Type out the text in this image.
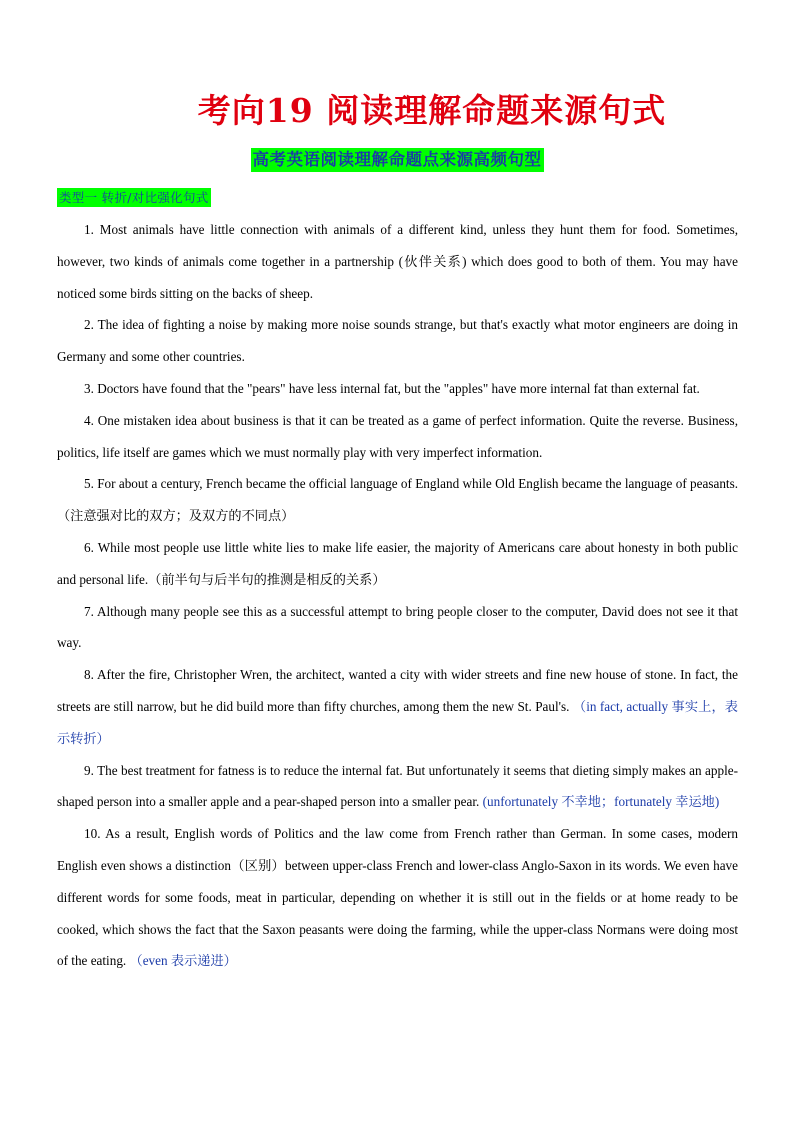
考向19 阅读理解命题来源句式
高考英语阅读理解命题点来源高频句型
类型一 转折/对比强化句式

1. Most animals have little connection with animals of a different kind, unless they hunt them for food. Sometimes, however, two kinds of animals come together in a partnership (伙伴关系) which does good to both of them. You may have noticed some birds sitting on the backs of sheep.

2. The idea of fighting a noise by making more noise sounds strange, but that's exactly what motor engineers are doing in Germany and some other countries.

3. Doctors have found that the "pears" have less internal fat, but the "apples" have more internal fat than external fat.

4. One mistaken idea about business is that it can be treated as a game of perfect information. Quite the reverse. Business, politics, life itself are games which we must normally play with very imperfect information.

5. For about a century, French became the official language of England while Old English became the language of peasants.（注意强对比的双方；及双方的不同点）

6. While most people use little white lies to make life easier, the majority of Americans care about honesty in both public and personal life.（前半句与后半句的推测是相反的关系）

7. Although many people see this as a successful attempt to bring people closer to the computer, David does not see it that way.

8. After the fire, Christopher Wren, the architect, wanted a city with wider streets and fine new house of stone. In fact, the streets are still narrow, but he did build more than fifty churches, among them the new St. Paul's. （in fact, actually 事实上，表示转折）

9. The best treatment for fatness is to reduce the internal fat. But unfortunately it seems that dieting simply makes an apple-shaped person into a smaller apple and a pear-shaped person into a smaller pear. (unfortunately 不幸地；fortunately 幸运地)

10. As a result, English words of Politics and the law come from French rather than German. In some cases, modern English even shows a distinction（区别）between upper-class French and lower-class Anglo-Saxon in its words. We even have different words for some foods, meat in particular, depending on whether it is still out in the fields or at home ready to be cooked, which shows the fact that the Saxon peasants were doing the farming, while the upper-class Normans were doing most of the eating. （even 表示递进）
